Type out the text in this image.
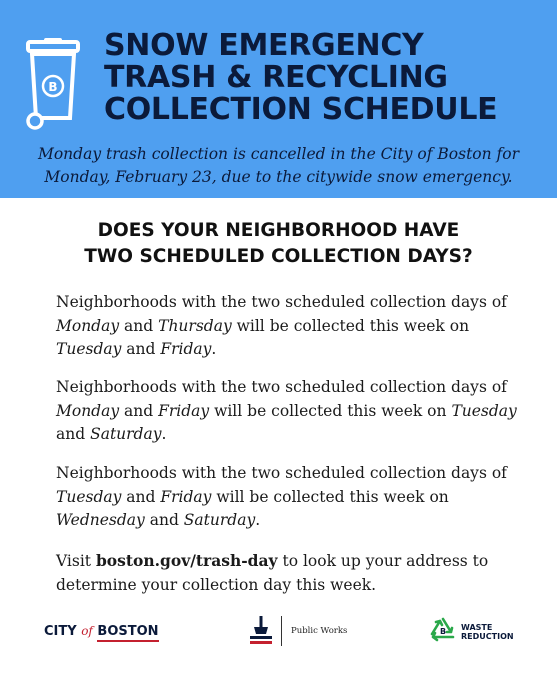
B
SNOW EMERGENCY
TRASH & RECYCLING
COLLECTION SCHEDULE
Monday trash collection is cancelled in the City of Boston for
Monday, February 23, due to the citywide snow emergency.
DOES YOUR NEIGHBORHOOD HAVE
TWO SCHEDULED COLLECTION DAYS?
Neighborhoods with the two scheduled collection days of
Monday and Thursday will be collected this week on
Tuesday and Friday.
Neighborhoods with the two scheduled collection days of
Monday and Friday will be collected this week on Tuesday
and Saturday.
Neighborhoods with the two scheduled collection days of
Tuesday and Friday will be collected this week on
Wednesday and Saturday.
Visit boston.gov/trash-day to look up your address to
determine your collection day this week.
CITY of BOSTON	Public Works	B WASTE
REDUCTION
